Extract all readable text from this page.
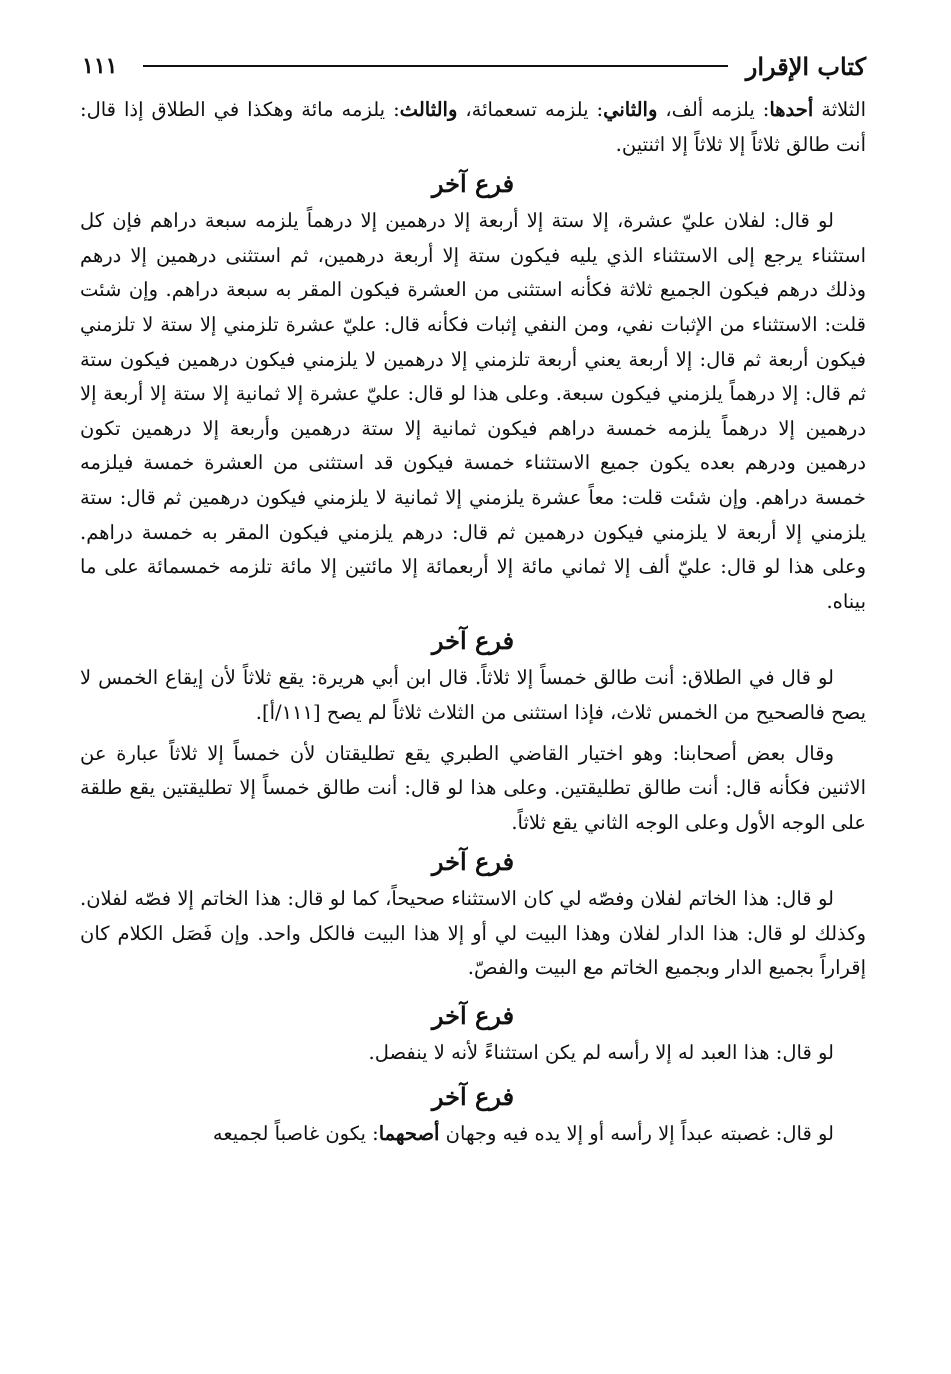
كتاب الإقرار
١١١

الثلاثة أحدها: يلزمه ألف، والثاني: يلزمه تسعمائة، والثالث: يلزمه مائة وهكذا في الطلاق إذا قال: أنت طالق ثلاثاً إلا ثلاثاً إلا اثنتين.

فرع آخر

لو قال: لفلان عليّ عشرة، إلا ستة إلا أربعة إلا درهمين إلا درهماً يلزمه سبعة دراهم فإن كل استثناء يرجع إلى الاستثناء الذي يليه فيكون ستة إلا أربعة درهمين، ثم استثنى درهمين إلا درهم وذلك درهم فيكون الجميع ثلاثة فكأنه استثنى من العشرة فيكون المقر به سبعة دراهم. وإن شئت قلت: الاستثناء من الإثبات نفي، ومن النفي إثبات فكأنه قال: عليّ عشرة تلزمني إلا ستة لا تلزمني فيكون أربعة ثم قال: إلا أربعة يعني أربعة تلزمني إلا درهمين لا يلزمني فيكون درهمين فيكون ستة ثم قال: إلا درهماً يلزمني فيكون سبعة. وعلى هذا لو قال: عليّ عشرة إلا ثمانية إلا ستة إلا أربعة إلا درهمين إلا درهماً يلزمه خمسة دراهم فيكون ثمانية إلا ستة درهمين وأربعة إلا درهمين تكون درهمين ودرهم بعده يكون جميع الاستثناء خمسة فيكون قد استثنى من العشرة خمسة فيلزمه خمسة دراهم. وإن شئت قلت: معاً عشرة يلزمني إلا ثمانية لا يلزمني فيكون درهمين ثم قال: ستة يلزمني إلا أربعة لا يلزمني فيكون درهمين ثم قال: درهم يلزمني فيكون المقر به خمسة دراهم. وعلى هذا لو قال: عليّ ألف إلا ثماني مائة إلا أربعمائة إلا مائتين إلا مائة تلزمه خمسمائة على ما بيناه.

فرع آخر

لو قال في الطلاق: أنت طالق خمساً إلا ثلاثاً. قال ابن أبي هريرة: يقع ثلاثاً لأن إيقاع الخمس لا يصح فالصحيح من الخمس ثلاث، فإذا استثنى من الثلاث ثلاثاً لم يصح [١١١/أ].

وقال بعض أصحابنا: وهو اختيار القاضي الطبري يقع تطليقتان لأن خمساً إلا ثلاثاً عبارة عن الاثنين فكأنه قال: أنت طالق تطليقتين. وعلى هذا لو قال: أنت طالق خمساً إلا تطليقتين يقع طلقة على الوجه الأول وعلى الوجه الثاني يقع ثلاثاً.

فرع آخر

لو قال: هذا الخاتم لفلان وفصّه لي كان الاستثناء صحيحاً، كما لو قال: هذا الخاتم إلا فصّه لفلان. وكذلك لو قال: هذا الدار لفلان وهذا البيت لي أو إلا هذا البيت فالكل واحد. وإن فَصَل الكلام كان إقراراً بجميع الدار وبجميع الخاتم مع البيت والفصّ.

فرع آخر

لو قال: هذا العبد له إلا رأسه لم يكن استثناءً لأنه لا ينفصل.

فرع آخر

لو قال: غصبته عبداً إلا رأسه أو إلا يده فيه وجهان أصحهما: يكون غاصباً لجميعه
